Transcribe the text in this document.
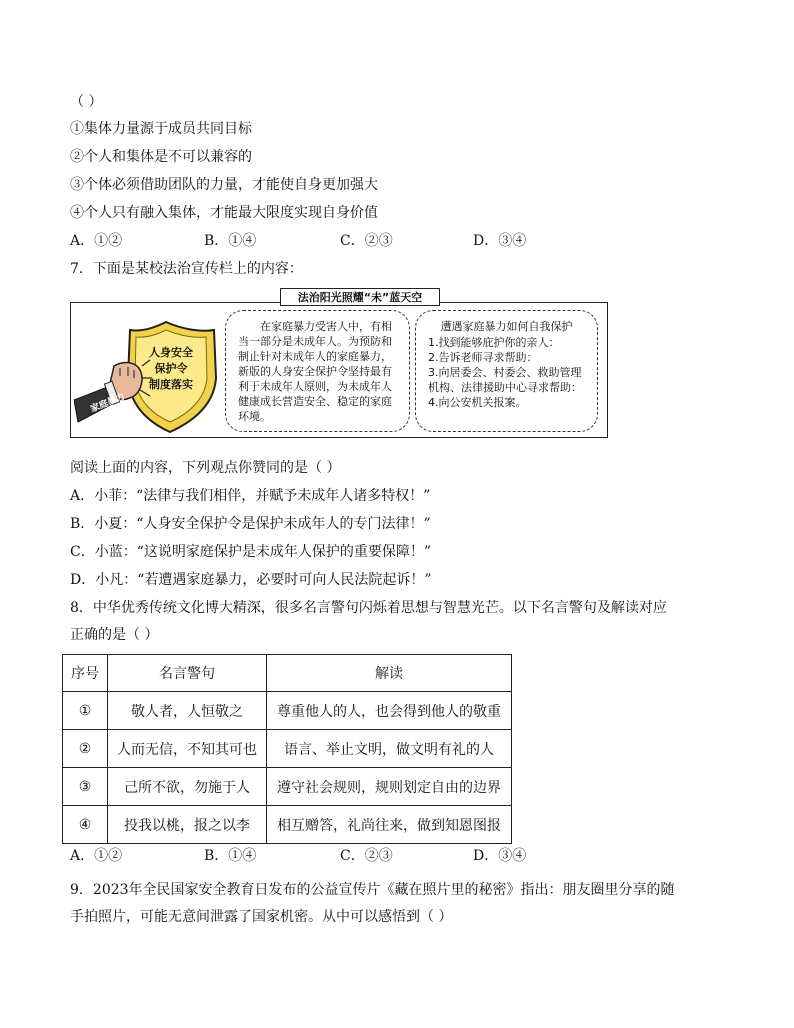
（ ）
①集体力量源于成员共同目标
②个人和集体是不可以兼容的
③个体必须借助团队的力量，才能使自身更加强大
④个人只有融入集体，才能最大限度实现自身价值
A．①②	B．①④	C．②③	D．③④
7．下面是某校法治宣传栏上的内容：
法治阳光照耀“未”蓝天空
人身安全
保护令
制度落实
家庭暴力
在家庭暴力受害人中，有相当一部分是未成年人。为预防和制止针对未成年人的家庭暴力，新版的人身安全保护令坚持最有利于未成年人原则，为未成年人健康成长营造安全、稳定的家庭环境。
遭遇家庭暴力如何自我保护
1.找到能够庇护你的亲人：
2.告诉老师寻求帮助：
3.向居委会、村委会、救助管理机构、法律援助中心寻求帮助：
4.向公安机关报案。
阅读上面的内容，下列观点你赞同的是（ ）
A．小菲：“法律与我们相伴，并赋予未成年人诸多特权！”
B．小夏：“人身安全保护令是保护未成年人的专门法律！”
C．小蓝：“这说明家庭保护是未成年人保护的重要保障！”
D．小凡：“若遭遇家庭暴力，必要时可向人民法院起诉！”
8．中华优秀传统文化博大精深，很多名言警句闪烁着思想与智慧光芒。以下名言警句及解读对应
正确的是（ ）
序号	名言警句	解读
①	敬人者，人恒敬之	尊重他人的人，也会得到他人的敬重
②	人而无信，不知其可也	语言、举止文明，做文明有礼的人
③	己所不欲，勿施于人	遵守社会规则，规则划定自由的边界
④	投我以桃，报之以李	相互赠答，礼尚往来，做到知恩图报
A．①②	B．①④	C．②③	D．③④
9．2023年全民国家安全教育日发布的公益宣传片《藏在照片里的秘密》指出：朋友圈里分享的随
手拍照片，可能无意间泄露了国家机密。从中可以感悟到（ ）
